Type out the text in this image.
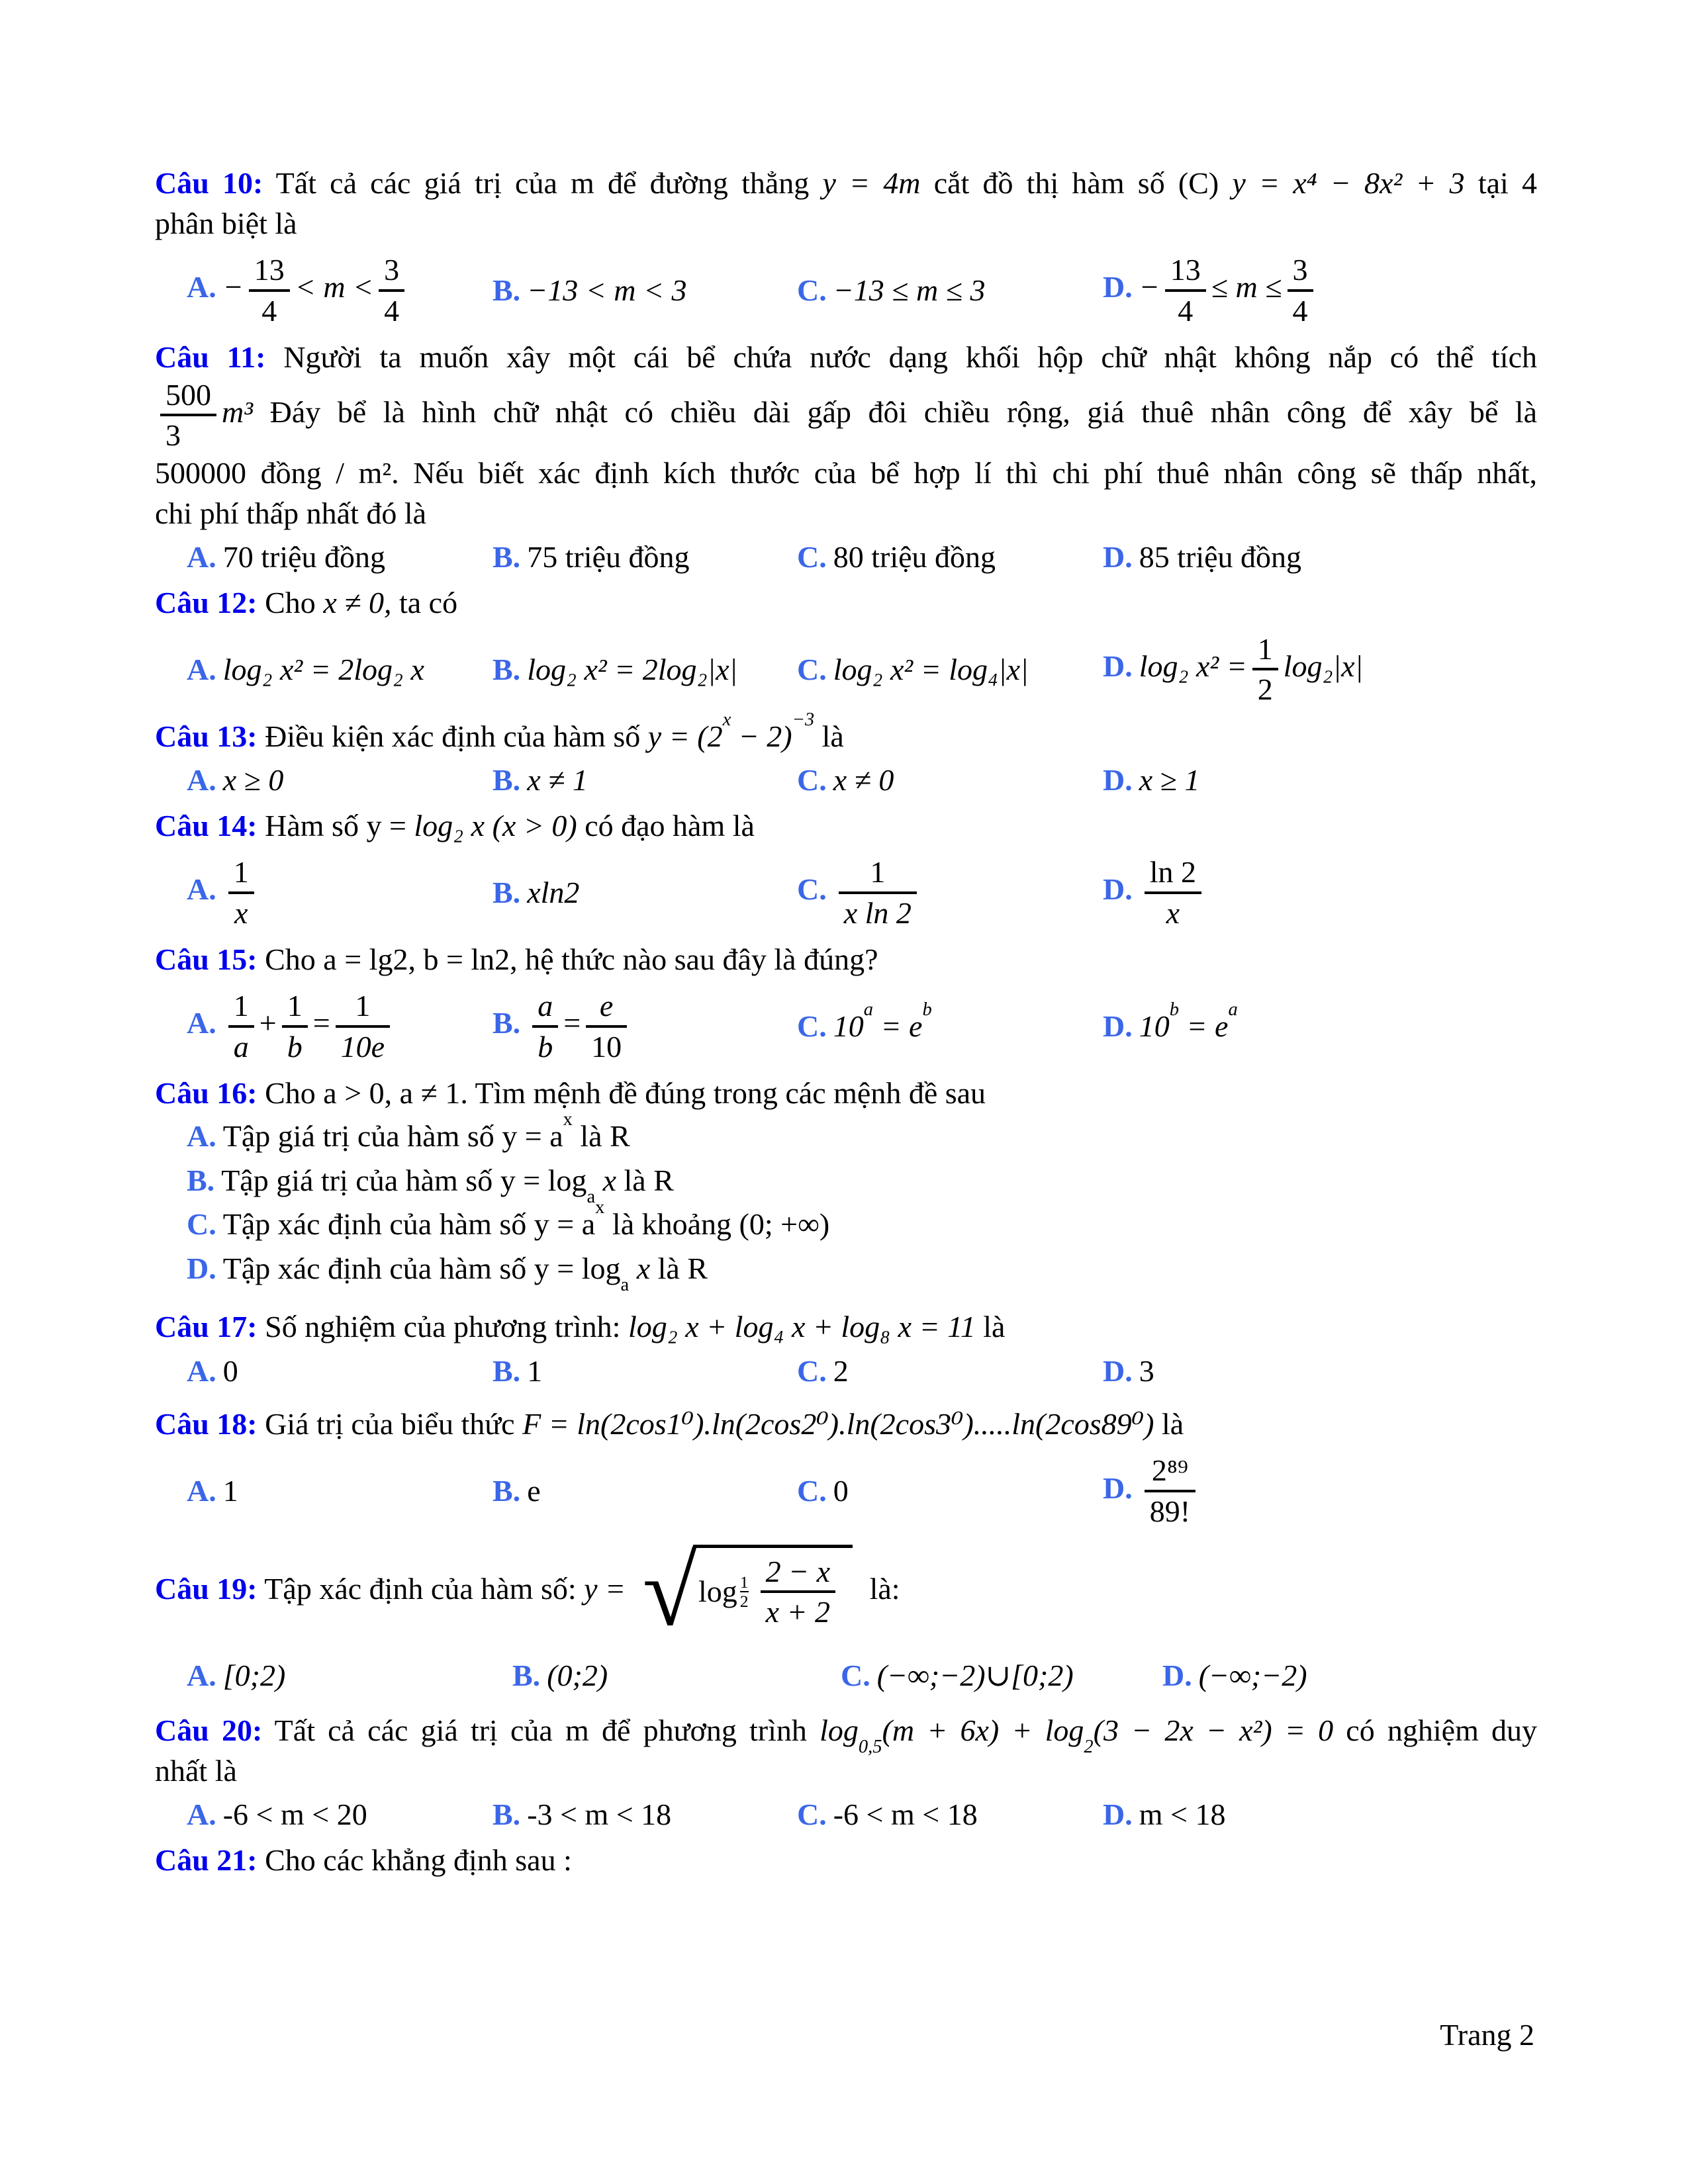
Câu 10: Tất cả các giá trị của m để đường thẳng y = 4m cắt đồ thị hàm số (C) y = x⁴ − 8x² + 3 tại 4

phân biệt là

A. − $\frac{13}{4} < m < \frac{3}{4}$	B. −13 < m < 3	C. −13 ≤ m ≤ 3	D. − $\frac{13}{4} \le m \le \frac{3}{4}$

Câu 11: Người ta muốn xây một cái bể chứa nước dạng khối hộp chữ nhật không nắp có thể tích

$\frac{500}{3} m^3$ Đáy bể là hình chữ nhật có chiều dài gấp đôi chiều rộng, giá thuê nhân công để xây bể là

500000 đồng / m². Nếu biết xác định kích thước của bể hợp lí thì chi phí thuê nhân công sẽ thấp nhất,

chi phí thấp nhất đó là

A. 70 triệu đồng	B. 75 triệu đồng	C. 80 triệu đồng	D. 85 triệu đồng

Câu 12: Cho x ≠ 0, ta có

A. log₂ x² = 2log₂ x	B. log₂ x² = 2log₂|x|	C. log₂ x² = log₄|x|	D. log₂ $x^2 = \frac{1}{2} \log_2|x|$

Câu 13: Điều kiện xác định của hàm số $y = (2^x - 2)^{-3}$ là

A. x ≥ 0	B. x ≠ 1	C. x ≠ 0	D. x ≥ 1

Câu 14: Hàm số y = log₂ x (x > 0) có đạo hàm là

A. $\frac{1}{x}$	B. xln2	C. $\frac{1}{\text{x ln 2}}$	D. $\frac{\ln 2}{x}$

Câu 15: Cho a = lg2, b = ln2, hệ thức nào sau đây là đúng?

A. $\frac{1}{a} + \frac{1}{b} = \frac{1}{10e}$	B. $\frac{a}{b} = \frac{e}{10}$	C. $10^a = e^b$	D. $10^b = e^a$

Câu 16: Cho a > 0, a ≠ 1. Tìm mệnh đề đúng trong các mệnh đề sau

A. Tập giá trị của hàm số $y = a^x$ là R

B. Tập giá trị của hàm số $y = \log_a x$ là R

C. Tập xác định của hàm số $y = a^x$ là khoảng (0; +∞)

D. Tập xác định của hàm số $y = \log_a x$ là R

Câu 17: Số nghiệm của phương trình: log₂ x + log₄ x + log₈ x = 11 là

A. 0	B. 1	C. 2	D. 3

Câu 18: Giá trị của biểu thức F = ln(2cos1⁰).ln(2cos2⁰).ln(2cos3⁰).....ln(2cos89⁰) là

A. 1	B. e	C. 0	D. $\frac{\text{2⁸⁹}}{89!}$

Câu 19: Tập xác định của hàm số: y = √ $\log \frac{1}{2} \frac{2 - x}{x + 2}$ là:

A. [0;2)	B. (0;2)	C. (−∞;−2)∪[0;2)	D. (−∞;−2)

Câu 20: Tất cả các giá trị của m để phương trình $\log_{0,5}(m + 6x) + \log_2(3 - 2x - x^2) = 0$ có nghiệm duy

nhất là

A. -6 < m < 20	B. -3 < m < 18	C. -6 < m < 18	D. m < 18

Câu 21: Cho các khẳng định sau :

Trang 2
